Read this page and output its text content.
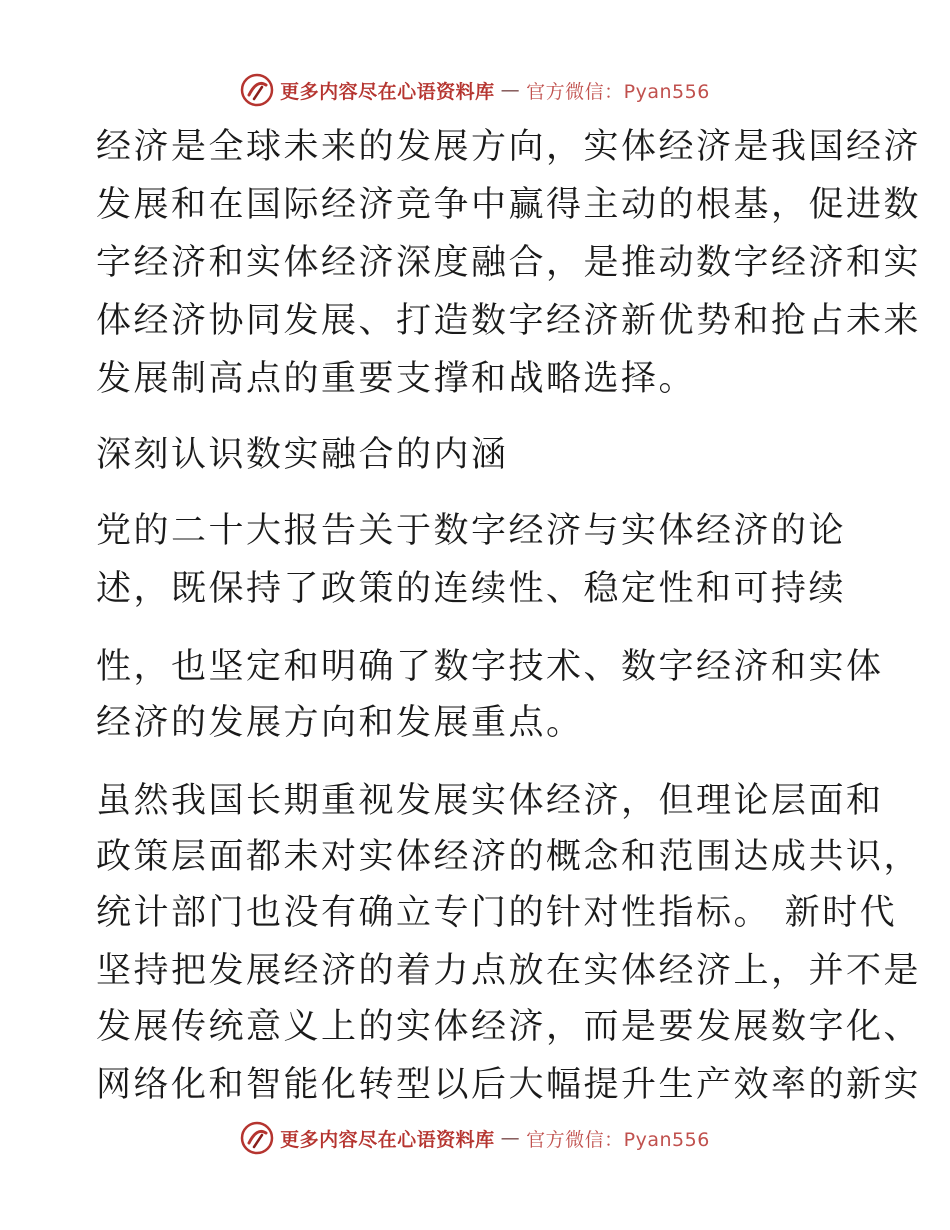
更多内容尽在心语资料库 — 官方微信：Pyan556
经济是全球未来的发展方向，实体经济是我国经济
发展和在国际经济竞争中赢得主动的根基，促进数
字经济和实体经济深度融合，是推动数字经济和实
体经济协同发展、打造数字经济新优势和抢占未来
发展制高点的重要支撑和战略选择。
深刻认识数实融合的内涵
党的二十大报告关于数字经济与实体经济的论
述，既保持了政策的连续性、稳定性和可持续
性，也坚定和明确了数字技术、数字经济和实体
经济的发展方向和发展重点。
虽然我国长期重视发展实体经济，但理论层面和
政策层面都未对实体经济的概念和范围达成共识，
统计部门也没有确立专门的针对性指标。 新时代
坚持把发展经济的着力点放在实体经济上，并不是
发展传统意义上的实体经济，而是要发展数字化、
网络化和智能化转型以后大幅提升生产效率的新实
更多内容尽在心语资料库 — 官方微信：Pyan556
